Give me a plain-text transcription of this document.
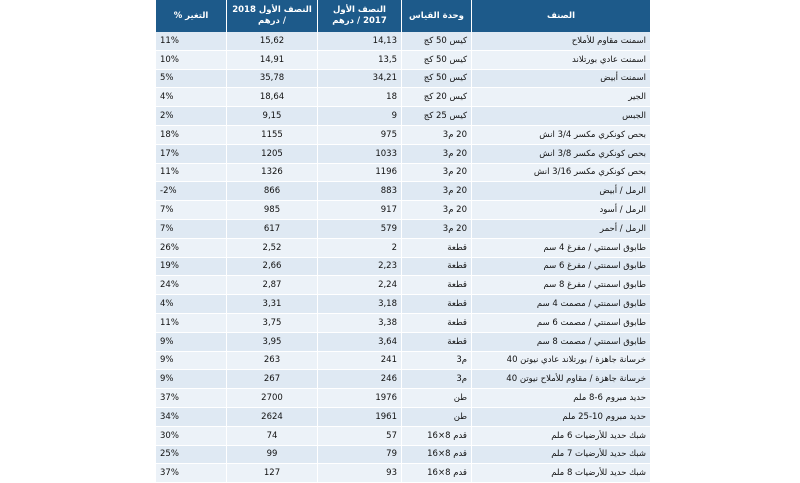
الصنف	وحدة القياس	النصف الأول 2017 / درهم	النصف الأول 2018 / درهم	التغير %
اسمنت مقاوم للأملاح	كيس 50 كج	14,13	15,62	11%
اسمنت عادي بورتلاند	كيس 50 كج	13,5	14,91	10%
اسمنت أبيض	كيس 50 كج	34,21	35,78	5%
الجير	كيس 20 كج	18	18,64	4%
الجبس	كيس 25 كج	9	9,15	2%
بحص كونكري مكسر 3/4 انش	20 م3	975	1155	18%
بحص كونكري مكسر 3/8 انش	20 م3	1033	1205	17%
بحص كونكري مكسر 3/16 انش	20 م3	1196	1326	11%
الرمل / أبيض	20 م3	883	866	-2%
الرمل / أسود	20 م3	917	985	7%
الرمل / أحمر	20 م3	579	617	7%
طابوق اسمنتي / مفرغ 4 سم	قطعة	2	2,52	26%
طابوق اسمنتي / مفرغ 6 سم	قطعة	2,23	2,66	19%
طابوق اسمنتي / مفرغ 8 سم	قطعة	2,24	2,87	24%
طابوق اسمنتي / مصمت 4 سم	قطعة	3,18	3,31	4%
طابوق اسمنتي / مصمت 6 سم	قطعة	3,38	3,75	11%
طابوق اسمنتي / مصمت 8 سم	قطعة	3,64	3,95	9%
خرسانة جاهزة / بورتلاند عادي نيوتن 40	م3	241	263	9%
خرسانة جاهزة / مقاوم للأملاح نيوتن 40	م3	246	267	9%
حديد مبروم 6-8 ملم	طن	1976	2700	37%
حديد مبروم 10-25 ملم	طن	1961	2624	34%
شبك حديد للأرضيات 6 ملم	قدم 8×16	57	74	30%
شبك حديد للأرضيات 7 ملم	قدم 8×16	79	99	25%
شبك حديد للأرضيات 8 ملم	قدم 8×16	93	127	37%
